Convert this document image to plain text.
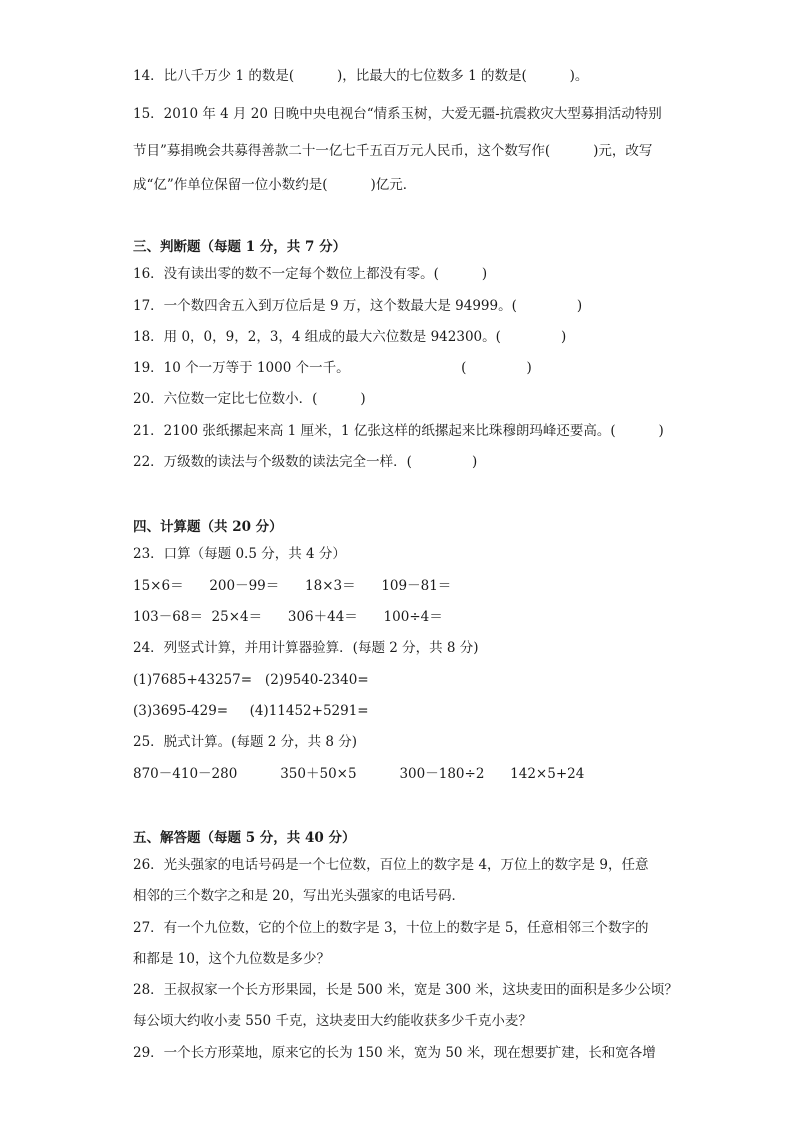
14．比八千万少 1 的数是(          )，比最大的七位数多 1 的数是(          )。
15．2010 年 4 月 20 日晚中央电视台“情系玉树，大爱无疆-抗震救灾大型募捐活动特别
节目”募捐晚会共募得善款二十一亿七千五百万元人民币，这个数写作(          )元，改写
成“亿”作单位保留一位小数约是(          )亿元．
三、判断题（每题 1 分，共 7 分）
16．没有读出零的数不一定每个数位上都没有零。(          )
17．一个数四舍五入到万位后是 9 万，这个数最大是 94999。(              )
18．用 0，0，9，2，3，4 组成的最大六位数是 942300。(              )
19．10 个一万等于 1000 个一千。                          (              )
20．六位数一定比七位数小．(          )
21．2100 张纸摞起来高 1 厘米，1 亿张这样的纸摞起来比珠穆朗玛峰还要高。(          )
22．万级数的读法与个级数的读法完全一样．(              )
四、计算题（共 20 分）
23．口算（每题 0.5 分，共 4 分）
15×6＝      200－99＝      18×3＝      109－81＝
103－68＝  25×4＝      306＋44＝      100÷4＝
24．列竖式计算，并用计算器验算．(每题 2 分，共 8 分)
(1)7685+43257=   (2)9540-2340=
(3)3695-429=     (4)11452+5291=
25．脱式计算。(每题 2 分，共 8 分)
870－410－280          350＋50×5          300－180÷2      142×5+24
五、解答题（每题 5 分，共 40 分）
26．光头强家的电话号码是一个七位数，百位上的数字是 4，万位上的数字是 9，任意
相邻的三个数字之和是 20，写出光头强家的电话号码．
27．有一个九位数，它的个位上的数字是 3，十位上的数字是 5，任意相邻三个数字的
和都是 10，这个九位数是多少？
28．王叔叔家一个长方形果园，长是 500 米，宽是 300 米，这块麦田的面积是多少公顷？
每公顷大约收小麦 550 千克，这块麦田大约能收获多少千克小麦？
29．一个长方形菜地，原来它的长为 150 米，宽为 50 米，现在想要扩建，长和宽各增
